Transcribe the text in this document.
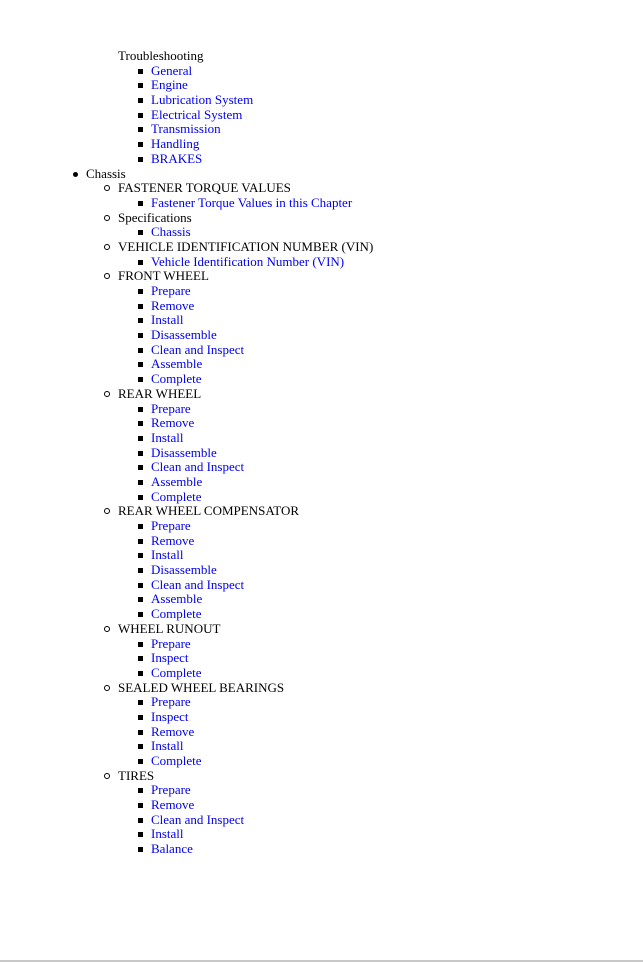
Troubleshooting
General
Engine
Lubrication System
Electrical System
Transmission
Handling
BRAKES
Chassis
FASTENER TORQUE VALUES
Fastener Torque Values in this Chapter
Specifications
Chassis
VEHICLE IDENTIFICATION NUMBER (VIN)
Vehicle Identification Number (VIN)
FRONT WHEEL
Prepare
Remove
Install
Disassemble
Clean and Inspect
Assemble
Complete
REAR WHEEL
Prepare
Remove
Install
Disassemble
Clean and Inspect
Assemble
Complete
REAR WHEEL COMPENSATOR
Prepare
Remove
Install
Disassemble
Clean and Inspect
Assemble
Complete
WHEEL RUNOUT
Prepare
Inspect
Complete
SEALED WHEEL BEARINGS
Prepare
Inspect
Remove
Install
Complete
TIRES
Prepare
Remove
Clean and Inspect
Install
Balance
